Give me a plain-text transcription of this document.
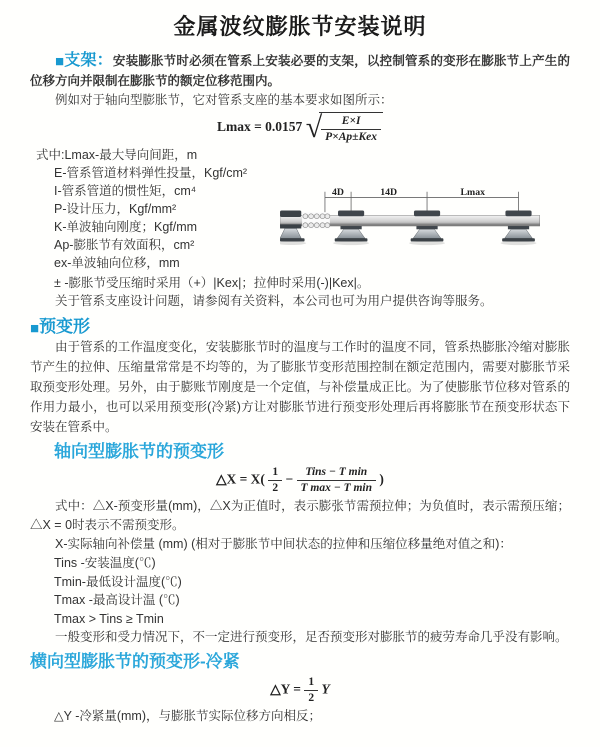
金属波纹膨胀节安装说明

■支架：安装膨胀节时必须在管系上安装必要的支架，以控制管系的变形在膨胀节上产生的位移方向并限制在膨胀节的额定位移范围内。

例如对于轴向型膨胀节，它对管系支座的基本要求如图所示：

Lmax = 0.0157 √ $\frac{E\times I}{\text{P×Ap±Kex}}$
式中:Lmax-最大导向间距，m
E-管系管道材料弹性投量，Kgf/cm²
I-管系管道的惯性矩，cm⁴
P-设计压力，Kgf/mm²
K-单波轴向刚度；Kgf/mm
Ap-膨胀节有效面积，cm²
ex-单波轴向位移，mm
4D	14D	Lmax
± -膨胀节受压缩时采用（+）|Kex|；拉伸时采用(-)|Kex|。
关于管系支座设计问题，请参阅有关资料，本公司也可为用户提供咨询等服务。
■预变形

由于管系的工作温度变化，安装膨胀节时的温度与工作时的温度不同，管系热膨胀冷缩对膨胀节产生的拉伸、压缩量常常是不均等的，为了膨胀节变形范围控制在额定范围内，需要对膨胀节采取预变形处理。另外，由于膨账节刚度是一个定值，与补偿量成正比。为了使膨胀节位移对管系的作用力最小，也可以采用预变形(冷紧)方让对膨胀节进行预变形处理后再将膨胀节在预变形状态下安装在管系中。

轴向型膨胀节的预变形
△X = $X( \frac{1}{2} - \frac{\text{Tins − T min}}{\text{T max − T min}}$ )

式中：△X-预变形量(mm)，△X为正值时，表示膨张节需预拉伸；为负值时，表示需预压缩；△X = 0时表示不需预变形。

X-实际轴向补偿量 (mm) (相对于膨胀节中间状态的拉伸和压缩位移量绝对值之和)：

Tins -安装温度(℃)
Tmin-最低设计温度(℃)
Tmax -最高设计温 (℃)
Tmax > Tins ≥ Tmin

一般变形和受力情况下，不一定进行预变形，足否预变形对膨胀节的疲劳寿命几乎没有影响。

横向型膨胀节的预变形-冷紧
△Y = $\frac{1}{2}$ Y
△Y -冷紧量(mm)，与膨胀节实际位移方向相反；
